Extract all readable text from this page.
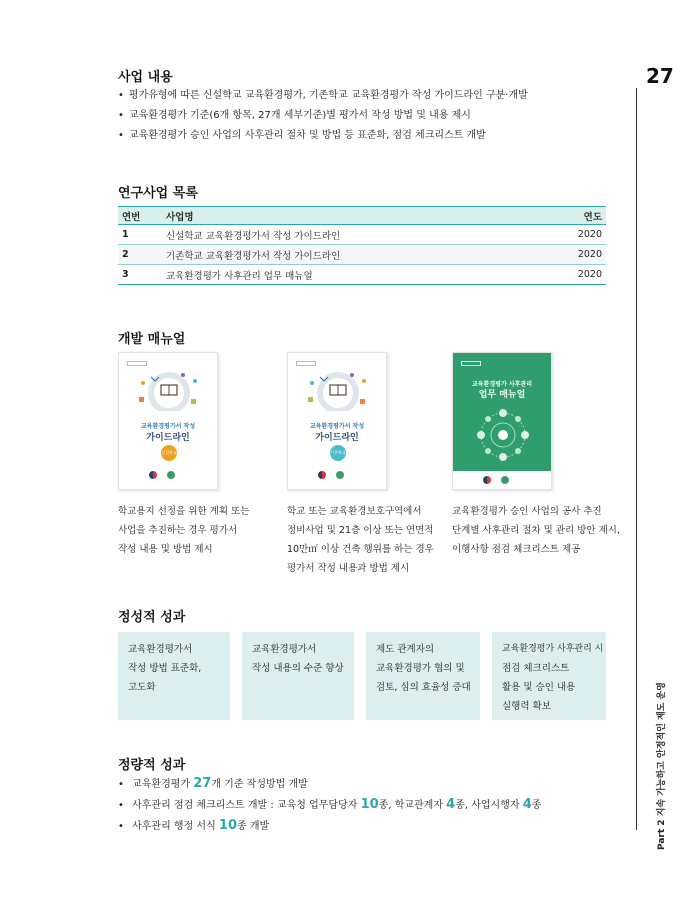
27
Part 2 지속 가능하고 안정적인 제도 운영
사업 내용
• 평가유형에 따른 신설학교 교육환경평가, 기존학교 교육환경평가 작성 가이드라인 구분·개발
• 교육환경평가 기준(6개 항목, 27개 세부기준)별 평가서 작성 방법 및 내용 제시
• 교육환경평가 승인 사업의 사후관리 절차 및 방법 등 표준화, 점검 체크리스트 개발
연구사업 목록
연번	사업명	연도
1	신설학교 교육환경평가서 작성 가이드라인	2020
2	기존학교 교육환경평가서 작성 가이드라인	2020
3	교육환경평가 사후관리 업무 매뉴얼	2020
개발 매뉴얼
교육환경평가서 작성
가이드라인
신설학교
교육환경평가서 작성
가이드라인
기존학교
교육환경평가 사후관리
업무 매뉴얼
학교용지 선정을 위한 계획 또는
사업을 추진하는 경우 평가서
작성 내용 및 방법 제시
학교 또는 교육환경보호구역에서
정비사업 및 21층 이상 또는 연면적
10만㎡ 이상 건축 행위를 하는 경우
평가서 작성 내용과 방법 제시
교육환경평가 승인 사업의 공사 추진
단계별 사후관리 절차 및 관리 방안 제시,
이행사항 점검 체크리스트 제공
정성적 성과

교육환경평가서

작성 방법 표준화,

고도화

교육환경평가서

작성 내용의 수준 향상

제도 관계자의

교육환경평가 협의 및

검토, 심의 효율성 증대

교육환경평가 사후관리 시

점검 체크리스트

활용 및 승인 내용

실행력 확보

정량적 성과
• 교육환경평가 27개 기준 작성방법 개발
• 사후관리 점검 체크리스트 개발 : 교육청 업무담당자 10종, 학교관계자 4종, 사업시행자 4종
• 사후관리 행정 서식 10종 개발
